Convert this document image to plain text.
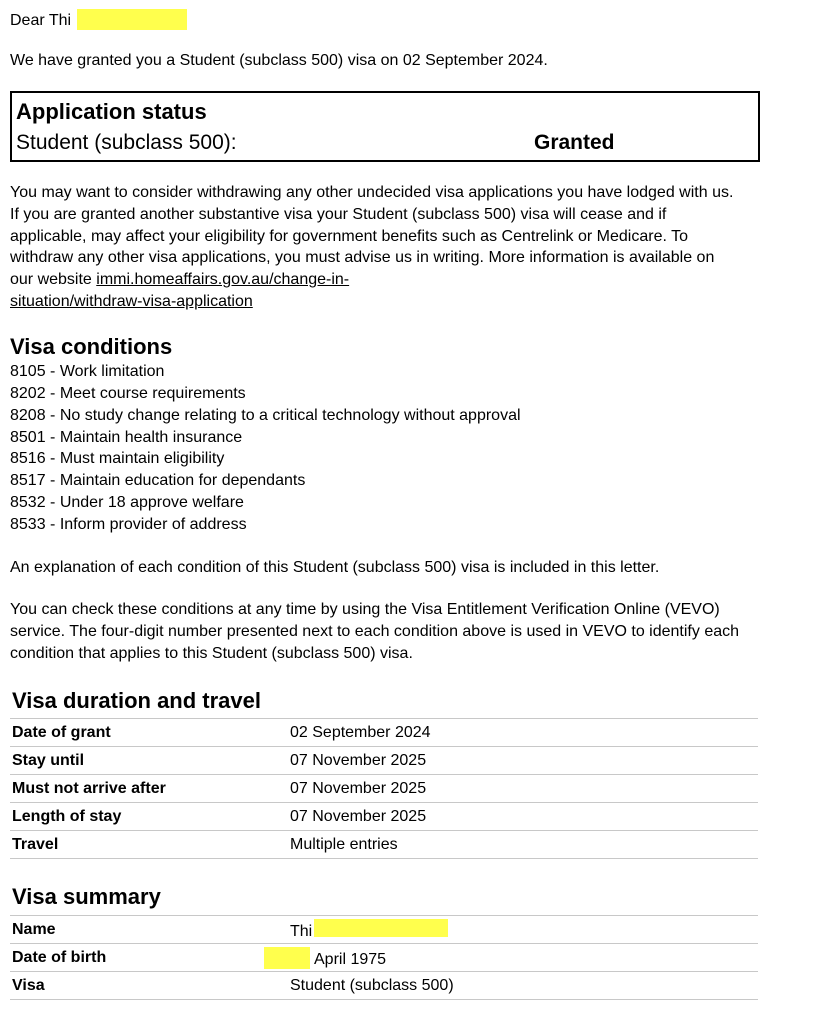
Dear Thi

We have granted you a Student (subclass 500) visa on 02 September 2024.

Application status
Student (subclass 500):	Granted

You may want to consider withdrawing any other undecided visa applications you have lodged with us. If you are granted another substantive visa your Student (subclass 500) visa will cease and if applicable, may affect your eligibility for government benefits such as Centrelink or Medicare. To withdraw any other visa applications, you must advise us in writing. More information is available on our website immi.homeaffairs.gov.au/change-in-
situation/withdraw-visa-application

Visa conditions
8105 - Work limitation
8202 - Meet course requirements
8208 - No study change relating to a critical technology without approval
8501 - Maintain health insurance
8516 - Must maintain eligibility
8517 - Maintain education for dependants
8532 - Under 18 approve welfare
8533 - Inform provider of address

An explanation of each condition of this Student (subclass 500) visa is included in this letter.

You can check these conditions at any time by using the Visa Entitlement Verification Online (VEVO) service. The four-digit number presented next to each condition above is used in VEVO to identify each condition that applies to this Student (subclass 500) visa.

Visa duration and travel
Date of grant	02 September 2024
Stay until	07 November 2025
Must not arrive after	07 November 2025
Length of stay	07 November 2025
Travel	Multiple entries
Visa summary
Name	Thi
Date of birth	April 1975
Visa	Student (subclass 500)
